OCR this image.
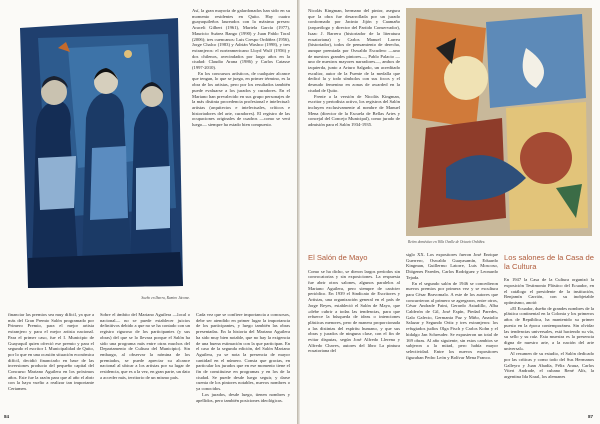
Sueño en Ibarra, Ramiro Jácome.

financiar las premios sea muy difícil, ya que a más del Gran Premio Salón programado por Primero Premio, para el mejor artista extranjero y para el mejor artista nacional. Para el primer caso, fue el I. Municipio de Guayaquil quien ofreció ese premio y para el segundo el escritor I. Municipalidad de Quito, por lo que en una ocasión situación económica difícil, decidió financiarlo en base de las inversiones producto del pequeño capital del Concurso Mariano Aguilera en los próximos años. Este fue la razón para que al año el abrir con la haya vuelto a realizar tan importante Certamen.

Así, la gran mayoría de galardonados han sido en su momento residentes en Quito. Hay cuatro guayaquileños laureados con la máxima presea: Araceli Gilbert (1961), Mariela García (1977), Mauricio Suárez Bango (1990) y Juan Pablo Toral (2006); tres cuencanos: Luis Crespo Ordóñez (1956), Jorge Chalco (1983) y Adrián Washco (1998), y tres extranjeros: el norteamericano Lloyd Wulf (1956) y dos chilenos, avecindados por largo años en la ciudad: Claudio Arana (1986) y Carlos Catasse (1997-2010).

En los concursos artísticos, de cualquier alcance que tengan, lo que se juega, en primer término, es la obra de los artistas, pero por los resultados también puede evaluarse a los jurados y curadores. En el Mariano han prevalecido en sus grupo personajes de la más distinta procedencia profesional e intelectual: artistas (arquitectos e intelectuales, críticos e historiadores del arte, curadores). El registro de las ocupaciones originales de cuadros —como se verá luego— siempre ha estado bien compuesto.

Sobre el ámbito del Mariano Aguilera —local o nacional— no se puede establecer juicios definitivos debido a que no se ha contado con un registro riguroso de los participantes (y sus obras) del que se lo llevara porque el Salón ha sido una programa más entre otras muchos del Departamento de Cultura del Municipio). Sin embargo, al observar la nómina de los premiados, se puede apreciar su alcance nacional al ubicar a los artistas por su lugar de residencia, que es a la vez, en gran parte, un dato a acceder más, territorio de un mismo país.

Cada vez que se confiere importancia a concursos, debe ser atendido en primer lugar la importancia de los participantes, y luego también las obras presentadas. En la historia del Mariano Aguilera ha sido muy bien notable, que no hay la exigencia de una buena estimación con la que participan. En el caso de la segunda edición, del Salón Mariano Aguilera, ya se nota la presencia de mayor cantidad en el número. Consta que gracias, en particular los jurados que en ese momento tiene el fin de constituirse en programas y en los de la ciudad. Se puede desde luego seguir, y darse cuenta de los pintores notables, nuevos nombres o ya conocidos.

Los jurados, desde luego, tienen nombres y apellidos, pero también posiciones ideológicas.

84

Nicolás Kingman, hermano del pintor, asegura que la obra fue desarrollada por un jurado conformado por Jacinto Jijón y Caamaño (arqueólogo y director del Partido Conservador), Isaac J. Barrera (historiador de la literatura ecuatoriana) y Carlos Manuel Larrea (historiador), todos de pensamiento de derecha, aunque premiada por Oswaldo Escudero —uno de nuestros grandes pintores—, Pablo Palacio —uno de nuestros mayores narradores—, ambos de izquierda, junto a Arturo Salgado, un acreditado escultor, autor de la Fuente de la medalla que dedicó la y todo símbolos con sus focos y el desnudo femenino en zonas de awarded en la ciudad de Quito.

Frente a la versión de Nicolás Kingman, escritor y periodista activo, los registros del Salón incluyen exclusivamente al nombre de Manuel Mena (director de la Escuela de Bellas Artes y concejal del Concejo Municipal), como jurado de admisión para el Salón 1934-1935.

Retiro doméstico en Villa Ovalle de Octavio Ordóñez.
El Salón de Mayo

Como se ha dicho, se dieron largos períodos sin convocatorias y sin exposiciones. La respuesta fue abrir otros salones, algunos paralelos al Mariano Aguilera, pero siempre de carácter periódico. En 1939 el Sindicato de Escritores y Artistas, una organización general en el país de Jorge Reyes, estableció el Salón de Mayo, que «debe cubrir a todas las tendencias, para que refuerce la búsqueda de ideas o intenciones plásticas menores, pero de manera proporcionada a las distintas del espíritu humano, y que sus obras y jurados de ninguna clase, con el fin de evitar disputas, según José Alfredo Llerena y Alfredo Chaves, autores del libro La pintura ecuatoriana del

siglo XX. Los expositores fueron José Enrique Guerrero, Oswaldo Guayasamín, Eduardo Kingman, Guillermo Latorre, Luis Moscoso, Diógenes Paredes, Carlos Rodríguez y Leonardo Tejada.

En el segundo salón de 1946 se concedieron nuevos premios por primera vez y se escultura para César Bravomalo. A este de los autores que concurrieron al primero se agregaron, entre otros, César Andrade Faini, Gerardo Astudillo, Alba Calderón de Gil, José Espín, Piedad Paredes, Galo Galecio, Germania Paz y Miño, Anatolio Salazar y Segundo Ortiz y tres extranjeros: los refugiados judíos Olga Fisch y Carlos Kohn y el hidalgo Jan Schreuder. Se expusieron un total de 169 obras. Al año siguiente, sin estos cambios se subjeron a la mitad, pero había mayor selectividad. Entre los nuevos expositores figuraban Pedro León y Bolívar Mena Franco.

Los salones de la Casa de la Cultura

En 1947 la Casa de la Cultura organizó la exposición Testimonio Plástico del Ecuador, en el catálogo el presidente de la institución, Benjamín Carrión, con su inobjetable optimismo, anotó:

«El Ecuador, dueño de grandes nombres de la plástica continental en la Colonia y los primeros años de República, ha mantenido su primer puesto en la época contemporánea. Sin olvidar las tendencias universales, está haciendo su vía, su sello y su raíz. Esta muestra es la presencia digna de nuestro arte, a la nación del arte universal».

Al resumen de su estudio, el Salón dedicado por las críticas y como todo del Sus Hermanos Galleyro y Juan Abadía, Félix Arauz, Carlos Viteri Andrade, el cubano René Alís, la argentina Ida Kraal, los alemanes

87
